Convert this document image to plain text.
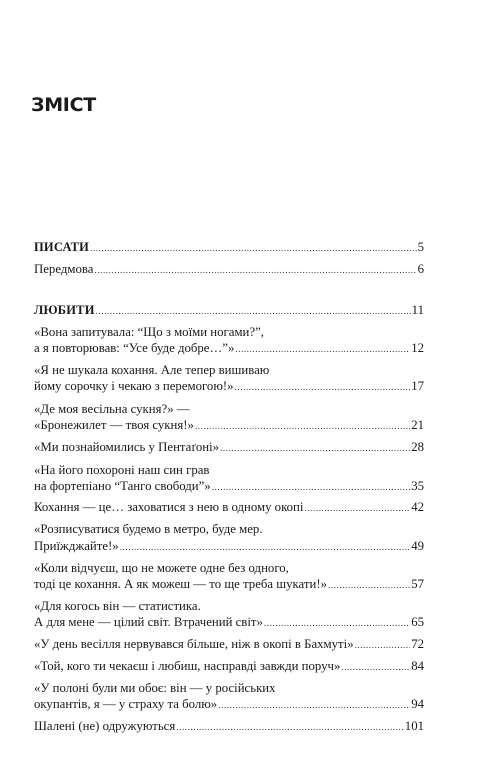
ЗМІСТ
ПИСАТИ .....	5
Передмова .....	6
ЛЮБИТИ .....	11
«Вона запитувала: “Що з моїми ногами?”,
а я повторював: “Усе буде добре…”» .....	12
«Я не шукала кохання. Але тепер вишиваю
йому сорочку і чекаю з перемогою!» .....	17
«Де моя весільна сукня?» —
«Бронежилет — твоя сукня!» .....	21
«Ми познайомились у Пентаґоні» .....	28
«На його похороні наш син грав
на фортепіано “Танго свободи”» .....	35
Кохання — це… заховатися з нею в одному окопі .....	42
«Розписуватися будемо в метро, буде мер.
Приїжджайте!» .....	49
«Коли відчуєш, що не можете одне без одного,
тоді це кохання. А як можеш — то ще треба шукати!» .....	57
«Для когось він — статистика.
А для мене — цілий світ. Втрачений світ» .....	65
«У день весілля нервувався більше, ніж в окопі в Бахмуті» .....	72
«Той, кого ти чекаєш і любиш, насправді завжди поруч» .....	84
«У полоні були ми обоє: він — у російських
окупантів, я — у страху та болю» .....	94
Шалені (не) одружуються .....	101
